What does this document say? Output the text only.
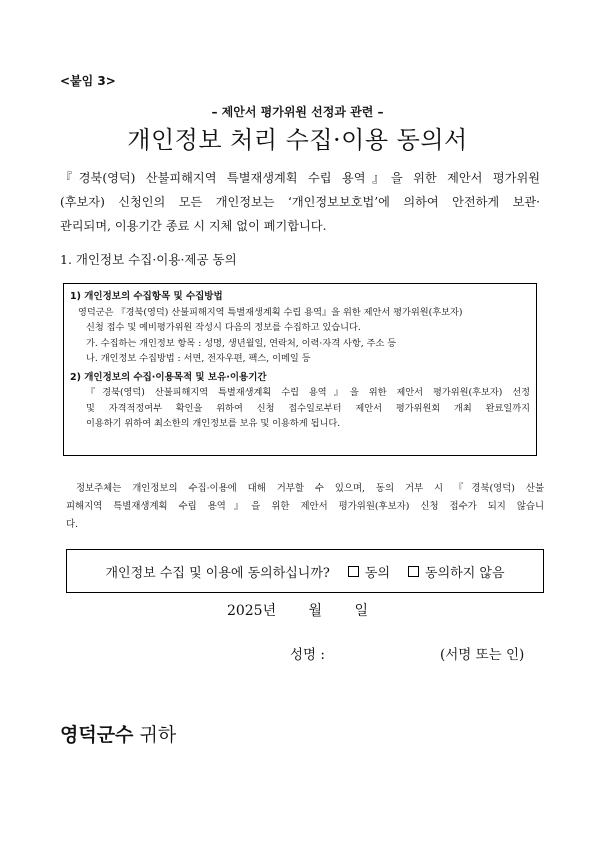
<붙임 3>
– 제안서 평가위원 선정과 관련 –
개인정보 처리 수집·이용 동의서
『경북(영덕) 산불피해지역 특별재생계획 수립 용역』을 위한 제안서 평가위원
(후보자) 신청인의 모든 개인정보는 ‘개인정보보호법’에 의하여 안전하게 보관·
관리되며, 이용기간 종료 시 지체 없이 폐기합니다.
1. 개인정보 수집·이용·제공 동의
1) 개인정보의 수집항목 및 수집방법
영덕군은 『경북(영덕) 산불피해지역 특별재생계획 수립 용역』을 위한 제안서 평가위원(후보자)
신청 접수 및 예비평가위원 작성시 다음의 정보를 수집하고 있습니다.
가. 수집하는 개인정보 항목 : 성명, 생년월일, 연락처, 이력·자격 사항, 주소 등
나. 개인정보 수집방법 : 서면, 전자우편, 팩스, 이메일 등
2) 개인정보의 수집·이용목적 및 보유·이용기간
『경북(영덕) 산불피해지역 특별재생계획 수립 용역』을 위한 제안서 평가위원(후보자) 선정
및 자격적정여부 확인을 위하여 신청 접수일로부터 제안서 평가위원회 개최 완료일까지
이용하기 위하여 최소한의 개인정보를 보유 및 이용하게 됩니다.
정보주체는 개인정보의 수집·이용에 대해 거부할 수 있으며, 동의 거부 시 『경북(영덕) 산불
피해지역 특별재생계획 수립 용역』을 위한 제안서 평가위원(후보자) 신청 접수가 되지 않습니
다.
개인정보 수집 및 이용에 동의하십니까?	동의	동의하지 않음
2025년 월 일
성명 :	(서명 또는 인)
영덕군수 귀하
